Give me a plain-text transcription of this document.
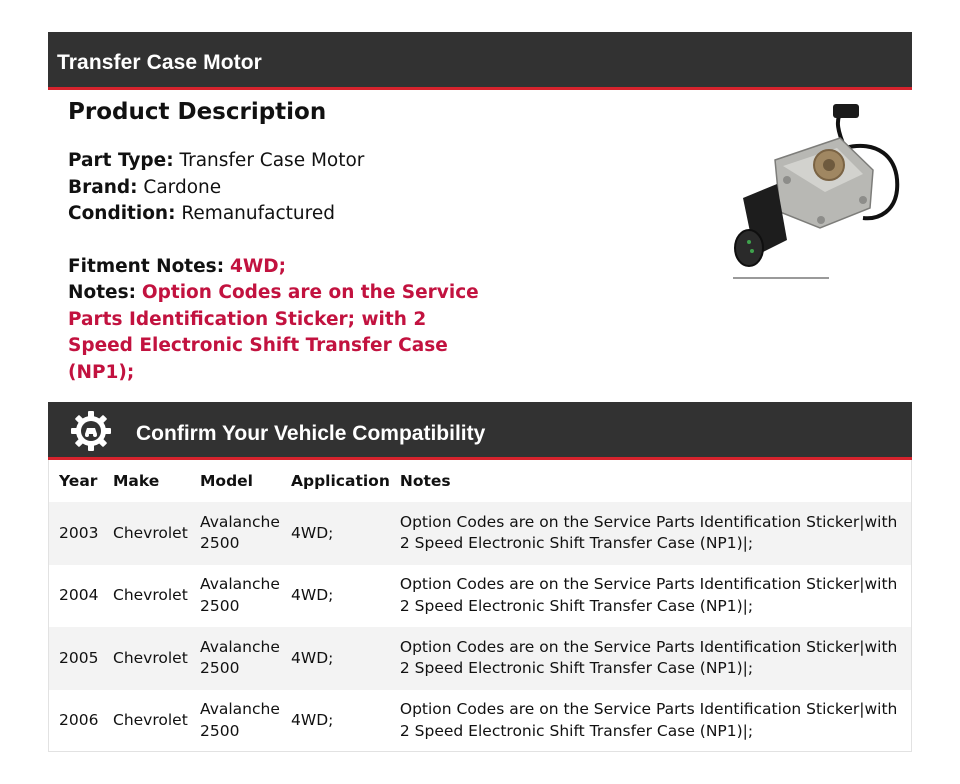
Transfer Case Motor
Product Description
Part Type: Transfer Case Motor
Brand: Cardone
Condition: Remanufactured
Fitment Notes: 4WD;
Notes: Option Codes are on the Service Parts Identification Sticker; with 2 Speed Electronic Shift Transfer Case (NP1);
Confirm Your Vehicle Compatibility
Year	Make	Model	Application	Notes
2003	Chevrolet	Avalanche 2500	4WD;	Option Codes are on the Service Parts Identification Sticker|with 2 Speed Electronic Shift Transfer Case (NP1)|;
2004	Chevrolet	Avalanche 2500	4WD;	Option Codes are on the Service Parts Identification Sticker|with 2 Speed Electronic Shift Transfer Case (NP1)|;
2005	Chevrolet	Avalanche 2500	4WD;	Option Codes are on the Service Parts Identification Sticker|with 2 Speed Electronic Shift Transfer Case (NP1)|;
2006	Chevrolet	Avalanche 2500	4WD;	Option Codes are on the Service Parts Identification Sticker|with 2 Speed Electronic Shift Transfer Case (NP1)|;
